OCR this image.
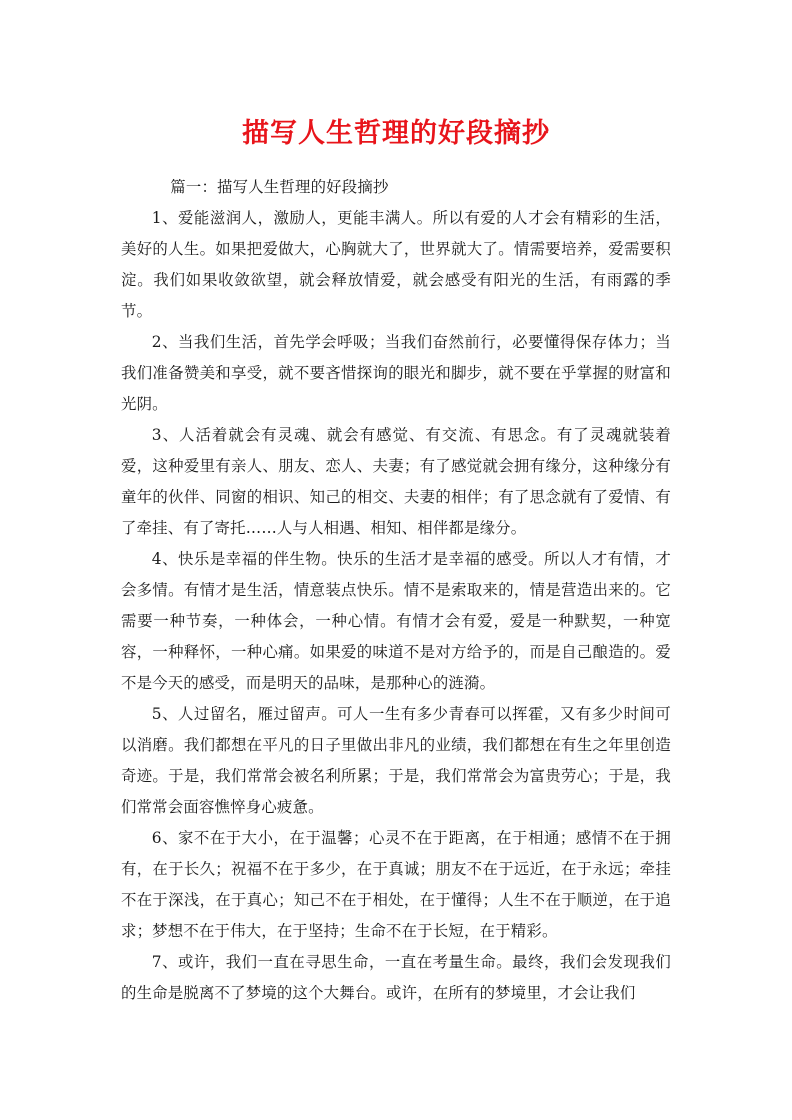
描写人生哲理的好段摘抄

篇一：描写人生哲理的好段摘抄

1、爱能滋润人，激励人，更能丰满人。所以有爱的人才会有精彩的生活，美好的人生。如果把爱做大，心胸就大了，世界就大了。情需要培养，爱需要积淀。我们如果收敛欲望，就会释放情爱，就会感受有阳光的生活，有雨露的季节。

2、当我们生活，首先学会呼吸；当我们奋然前行，必要懂得保存体力；当我们准备赞美和享受，就不要吝惜探询的眼光和脚步，就不要在乎掌握的财富和光阴。

3、人活着就会有灵魂、就会有感觉、有交流、有思念。有了灵魂就装着爱，这种爱里有亲人、朋友、恋人、夫妻；有了感觉就会拥有缘分，这种缘分有童年的伙伴、同窗的相识、知己的相交、夫妻的相伴；有了思念就有了爱情、有了牵挂、有了寄托……人与人相遇、相知、相伴都是缘分。

4、快乐是幸福的伴生物。快乐的生活才是幸福的感受。所以人才有情，才会多情。有情才是生活，情意装点快乐。情不是索取来的，情是营造出来的。它需要一种节奏，一种体会，一种心情。有情才会有爱，爱是一种默契，一种宽容，一种释怀，一种心痛。如果爱的味道不是对方给予的，而是自己酿造的。爱不是今天的感受，而是明天的品味，是那种心的涟漪。

5、人过留名，雁过留声。可人一生有多少青春可以挥霍，又有多少时间可以消磨。我们都想在平凡的日子里做出非凡的业绩，我们都想在有生之年里创造奇迹。于是，我们常常会被名利所累；于是，我们常常会为富贵劳心；于是，我们常常会面容憔悴身心疲惫。

6、家不在于大小，在于温馨；心灵不在于距离，在于相通；感情不在于拥有，在于长久；祝福不在于多少，在于真诚；朋友不在于远近，在于永远；牵挂不在于深浅，在于真心；知己不在于相处，在于懂得；人生不在于顺逆，在于追求；梦想不在于伟大，在于坚持；生命不在于长短，在于精彩。

7、或许，我们一直在寻思生命，一直在考量生命。最终，我们会发现我们的生命是脱离不了梦境的这个大舞台。或许，在所有的梦境里，才会让我们
